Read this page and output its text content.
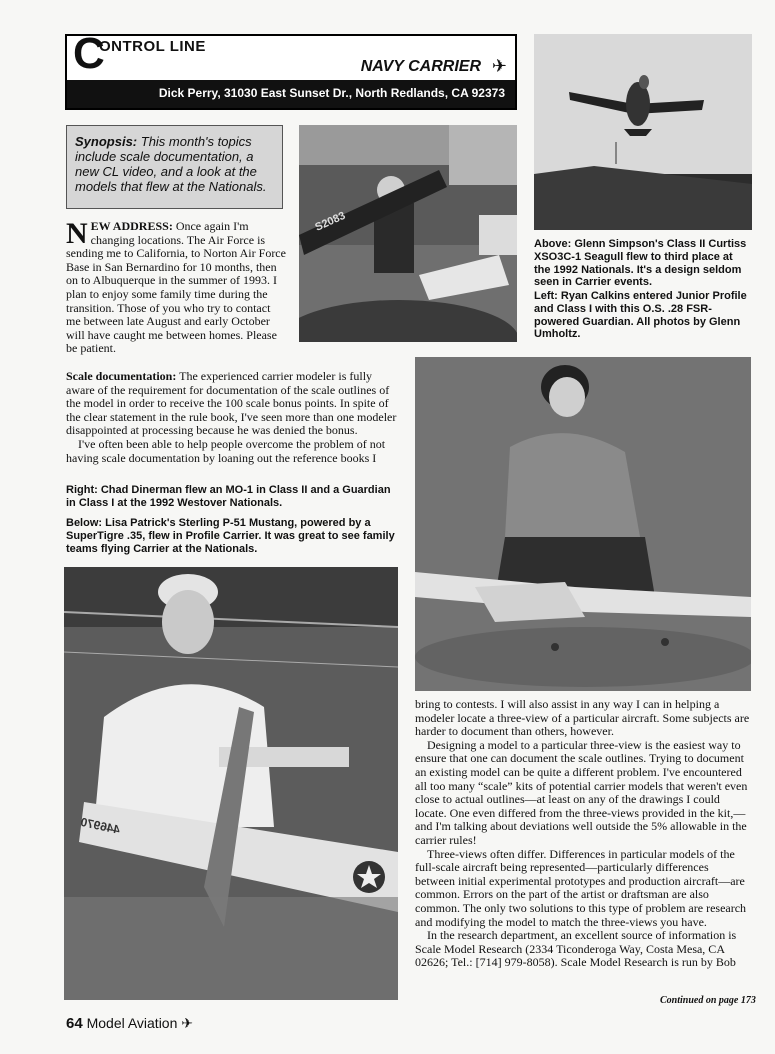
C
ONTROL LINE
NAVY CARRIER ✈
Dick Perry, 31030 East Sunset Dr., North Redlands, CA 92373
Synopsis: This month's topics include scale documentation, a new CL video, and a look at the models that flew at the Nationals.
S2083
Above: Glenn Simpson's Class II Curtiss XSO3C-1 Seagull flew to third place at the 1992 Nationals. It's a design seldom seen in Carrier events.
Left: Ryan Calkins entered Junior Profile and Class I with this O.S. .28 FSR-powered Guardian. All photos by Glenn Umholtz.
N EW ADDRESS: Once again I'm changing locations. The Air Force is sending me to California, to Norton Air Force Base in San Bernardino for 10 months, then on to Albuquerque in the summer of 1993. I plan to enjoy some family time during the transition. Those of you who try to contact me between late August and early October will have caught me between homes. Please be patient.

Scale documentation: The experienced carrier modeler is fully aware of the requirement for documentation of the scale outlines of the model in order to receive the 100 scale bonus points. In spite of the clear statement in the rule book, I've seen more than one modeler disappointed at processing because he was denied the bonus.

I've often been able to help people overcome the problem of not having scale documentation by loaning out the reference books I

Right: Chad Dinerman flew an MO-1 in Class II and a Guardian in Class I at the 1992 Westover Nationals.
Below: Lisa Patrick's Sterling P-51 Mustang, powered by a SuperTigre .35, flew in Profile Carrier. It was great to see family teams flying Carrier at the Nationals.
446970

bring to contests. I will also assist in any way I can in helping a modeler locate a three-view of a particular aircraft. Some subjects are harder to document than others, however.

Designing a model to a particular three-view is the easiest way to ensure that one can document the scale outlines. Trying to document an existing model can be quite a different problem. I've encountered all too many “scale” kits of potential carrier models that weren't even close to actual outlines—at least on any of the drawings I could locate. One even differed from the three-views provided in the kit,—and I'm talking about deviations well outside the 5% allowable in the carrier rules!

Three-views often differ. Differences in particular models of the full-scale aircraft being represented—particularly differences between initial experimental prototypes and production aircraft—are common. Errors on the part of the artist or draftsman are also common. The only two solutions to this type of problem are research and modifying the model to match the three-views you have.

In the research department, an excellent source of information is Scale Model Research (2334 Ticonderoga Way, Costa Mesa, CA 02626; Tel.: [714] 979-8058). Scale Model Research is run by Bob

Continued on page 173
64 Model Aviation ✈
